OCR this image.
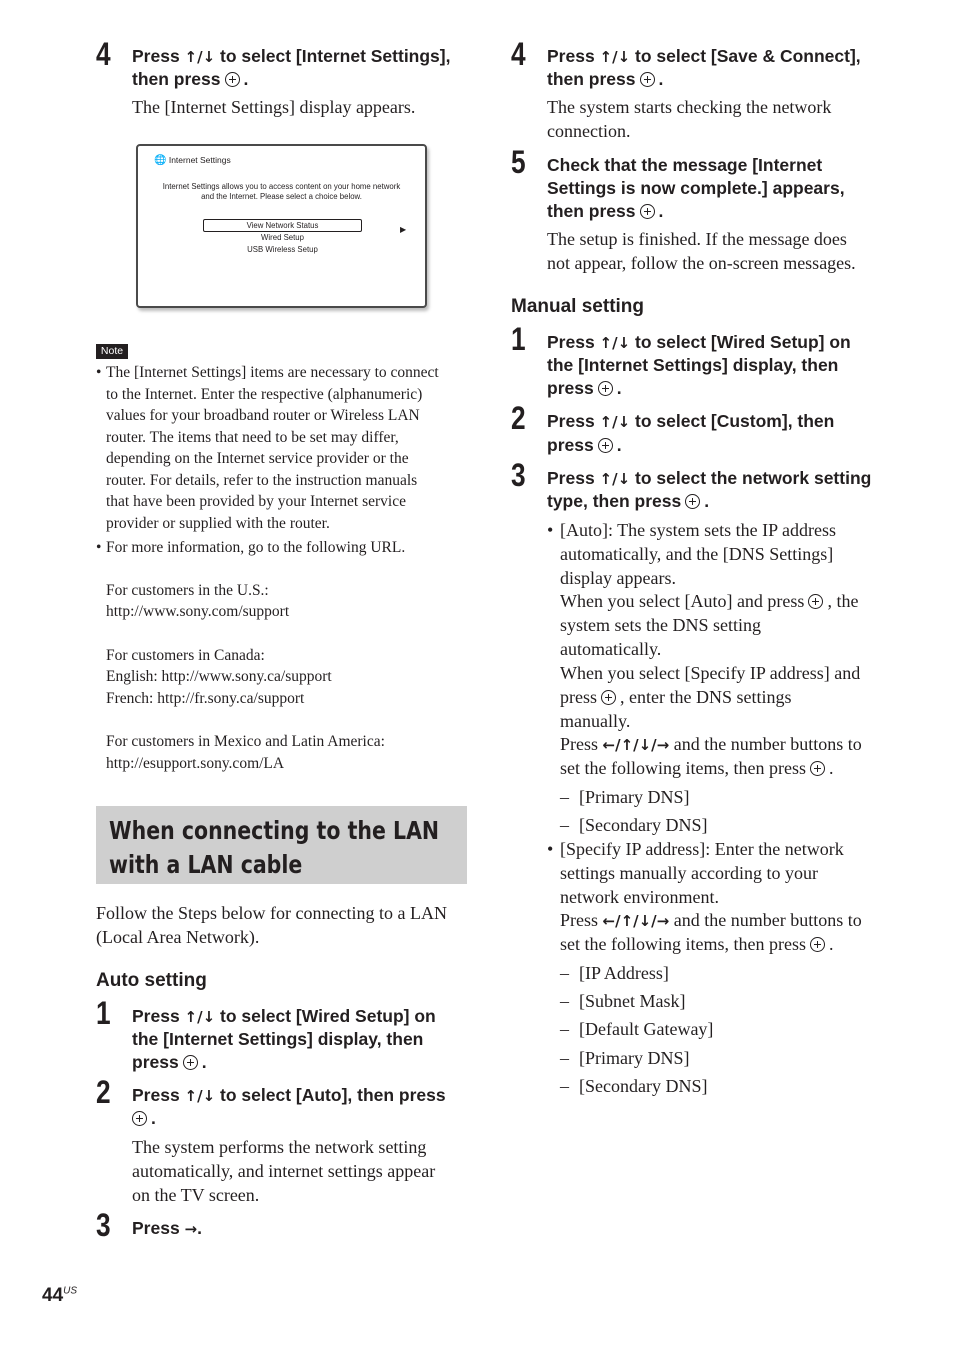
4 Press ↑/↓ to select [Internet Settings],
then press .
The [Internet Settings] display appears.
🌐 Internet Settings
Internet Settings allows you to access content on your home network
and the Internet. Please select a choice below.
View Network Status
Wired Setup
USB Wireless Setup
▶
Note
• The [Internet Settings] items are necessary to connect
to the Internet. Enter the respective (alphanumeric)
values for your broadband router or Wireless LAN
router. The items that need to be set may differ,
depending on the Internet service provider or the
router. For details, refer to the instruction manuals
that have been provided by your Internet service
provider or supplied with the router.
• For more information, go to the following URL.
For customers in the U.S.:
http://www.sony.com/support
For customers in Canada:
English: http://www.sony.ca/support
French: http://fr.sony.ca/support
For customers in Mexico and Latin America:
http://esupport.sony.com/LA
When connecting to the LAN
with a LAN cable
Follow the Steps below for connecting to a LAN
(Local Area Network).
Auto setting
1 Press ↑/↓ to select [Wired Setup] on
the [Internet Settings] display, then
press .
2 Press ↑/↓ to select [Auto], then press
.
The system performs the network setting
automatically, and internet settings appear
on the TV screen.
3 Press →.
4 Press ↑/↓ to select [Save & Connect],
then press .
The system starts checking the network
connection.
5 Check that the message [Internet
Settings is now complete.] appears,
then press .
The setup is finished. If the message does
not appear, follow the on-screen messages.
Manual setting
1 Press ↑/↓ to select [Wired Setup] on
the [Internet Settings] display, then
press .
2 Press ↑/↓ to select [Custom], then
press .
3 Press ↑/↓ to select the network setting
type, then press .
• [Auto]: The system sets the IP address
automatically, and the [DNS Settings]
display appears.
When you select [Auto] and press , the
system sets the DNS setting
automatically.
When you select [Specify IP address] and
press , enter the DNS settings
manually.
Press ←/↑/↓/→ and the number buttons to
set the following items, then press .
– [Primary DNS]
– [Secondary DNS]
• [Specify IP address]: Enter the network
settings manually according to your
network environment.
Press ←/↑/↓/→ and the number buttons to
set the following items, then press .
– [IP Address]
– [Subnet Mask]
– [Default Gateway]
– [Primary DNS]
– [Secondary DNS]
$44^{US}$
